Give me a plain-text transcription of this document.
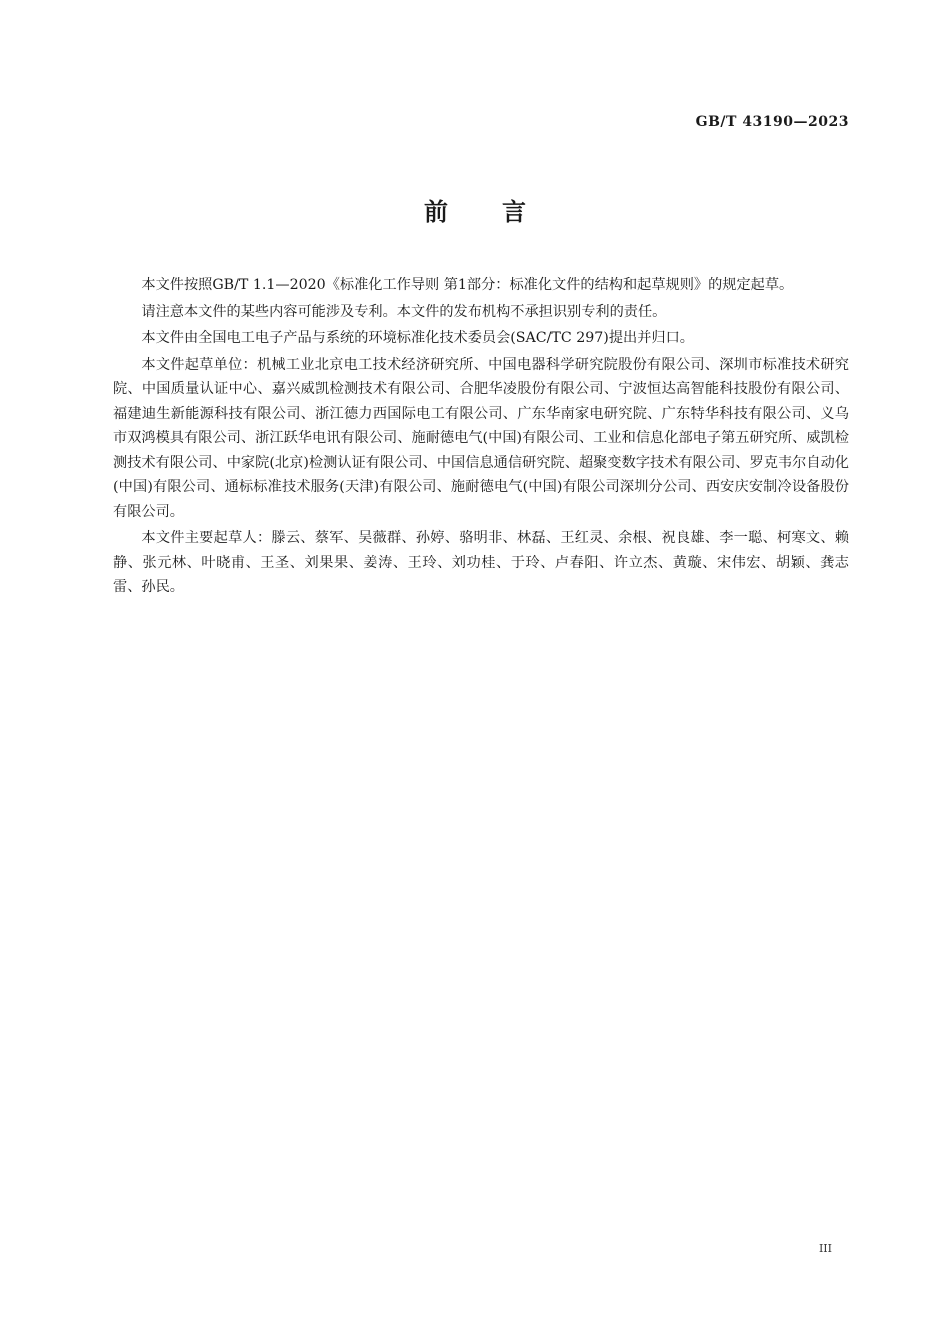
GB/T 43190—2023
前言

本文件按照GB/T 1.1—2020《标准化工作导则 第1部分：标准化文件的结构和起草规则》的规定起草。

请注意本文件的某些内容可能涉及专利。本文件的发布机构不承担识别专利的责任。

本文件由全国电工电子产品与系统的环境标准化技术委员会(SAC/TC 297)提出并归口。

本文件起草单位：机械工业北京电工技术经济研究所、中国电器科学研究院股份有限公司、深圳市标准技术研究院、中国质量认证中心、嘉兴威凯检测技术有限公司、合肥华凌股份有限公司、宁波恒达高智能科技股份有限公司、福建迪生新能源科技有限公司、浙江德力西国际电工有限公司、广东华南家电研究院、广东特华科技有限公司、义乌市双鸿模具有限公司、浙江跃华电讯有限公司、施耐德电气(中国)有限公司、工业和信息化部电子第五研究所、威凯检测技术有限公司、中家院(北京)检测认证有限公司、中国信息通信研究院、超聚变数字技术有限公司、罗克韦尔自动化(中国)有限公司、通标标准技术服务(天津)有限公司、施耐德电气(中国)有限公司深圳分公司、西安庆安制冷设备股份有限公司。

本文件主要起草人：滕云、蔡军、吴薇群、孙婷、骆明非、林磊、王红灵、余根、祝良雄、李一聪、柯寒文、赖静、张元林、叶晓甫、王圣、刘果果、姜涛、王玲、刘功桂、于玲、卢春阳、许立杰、黄璇、宋伟宏、胡颖、龚志雷、孙民。

III
